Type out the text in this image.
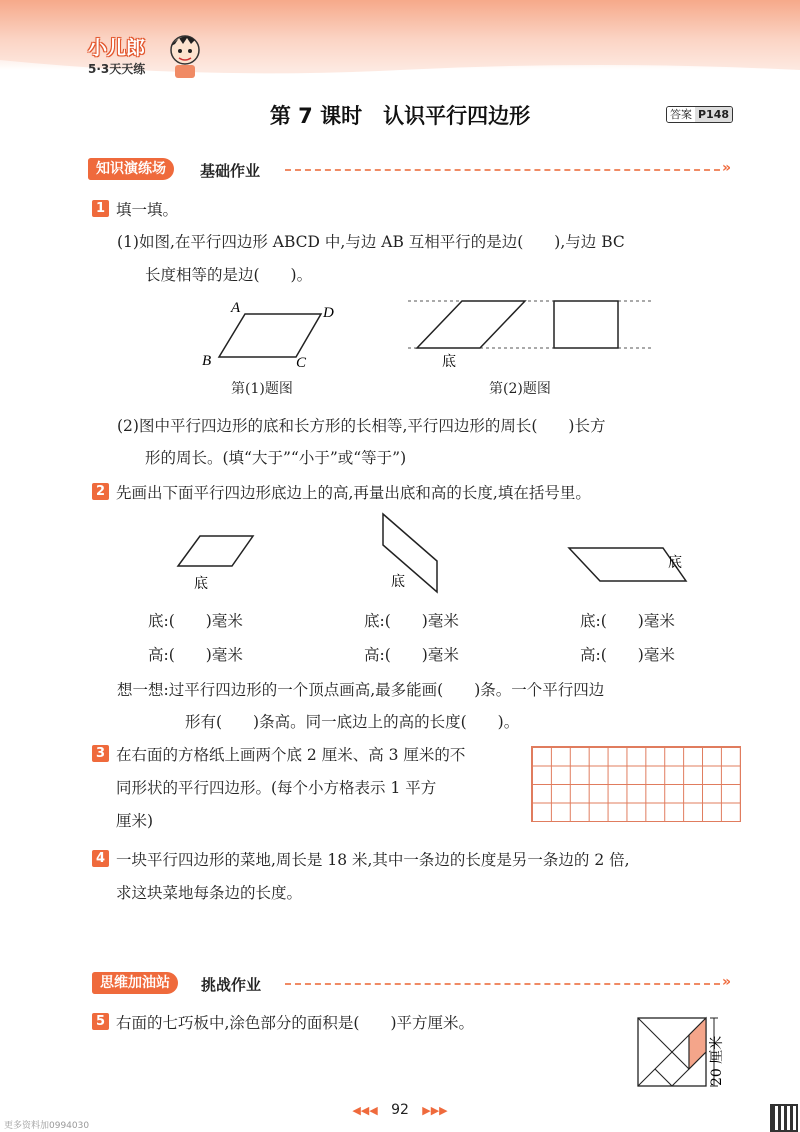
小儿郎
5·3天天练
第 7 课时　认识平行四边形	答案 P148
知识演练场	基础作业	»
1 填一填。
(1)如图,在平行四边形 ABCD 中,与边 AB 互相平行的是边(　　),与边 BC
长度相等的是边(　　)。
A	D
B	C
第(1)题图
底
第(2)题图
(2)图中平行四边形的底和长方形的长相等,平行四边形的周长(　　)长方
形的周长。(填“大于”“小于”或“等于”)
2 先画出下面平行四边形底边上的高,再量出底和高的长度,填在括号里。
底	底
底
底:(　　)毫米
高:(　　)毫米
底:(　　)毫米
高:(　　)毫米
底:(　　)毫米
高:(　　)毫米
想一想:过平行四边形的一个顶点画高,最多能画(　　)条。一个平行四边
形有(　　)条高。同一底边上的高的长度(　　)。
3 在右面的方格纸上画两个底 2 厘米、高 3 厘米的不
同形状的平行四边形。(每个小方格表示 1 平方
厘米)
4 一块平行四边形的菜地,周长是 18 米,其中一条边的长度是另一条边的 2 倍,
求这块菜地每条边的长度。
思维加油站	挑战作业	»
5 右面的七巧板中,涂色部分的面积是(　　)平方厘米。
20 厘米
◀◀◀ 92 ▶▶▶
更多资料加0994030
